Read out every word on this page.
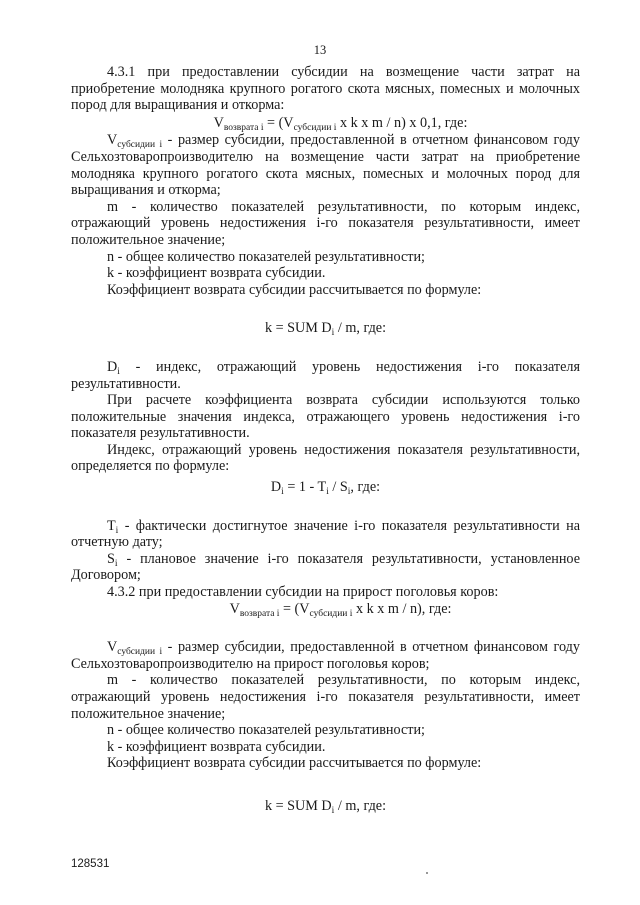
13

4.3.1 при предоставлении субсидии на возмещение части затрат на приобретение молодняка крупного рогатого скота мясных, помесных и молочных пород для выращивания и откорма:

$V_{возврата i} = (V_{субсидии i}$ x k x m / n) x 0,1, где:

$V_{субсидии i}$ - размер субсидии, предоставленной в отчетном финансовом году Сельхозтоваропроизводителю на возмещение части затрат на приобретение молодняка крупного рогатого скота мясных, помесных и молочных пород для выращивания и откорма;

m - количество показателей результативности, по которым индекс, отражающий уровень недостижения i-го показателя результативности, имеет положительное значение;

n - общее количество показателей результативности;

k - коэффициент возврата субсидии.

Коэффициент возврата субсидии рассчитывается по формуле:

k = SUM $D_i$ / m, где:

$D_i$ - индекс, отражающий уровень недостижения i-го показателя результативности.

При расчете коэффициента возврата субсидии используются только положительные значения индекса, отражающего уровень недостижения i-го показателя результативности.

Индекс, отражающий уровень недостижения показателя результативности, определяется по формуле:

$D_i = 1 - T_i / S_i$, где:

$T_i$ - фактически достигнутое значение i-го показателя результативности на отчетную дату;

$S_i$ - плановое значение i-го показателя результативности, установленное Договором;

4.3.2 при предоставлении субсидии на прирост поголовья коров:

$V_{возврата i} = (V_{субсидии i}$ x k x m / n), где:

$V_{субсидии i}$ - размер субсидии, предоставленной в отчетном финансовом году Сельхозтоваропроизводителю на прирост поголовья коров;

m - количество показателей результативности, по которым индекс, отражающий уровень недостижения i-го показателя результативности, имеет положительное значение;

n - общее количество показателей результативности;

k - коэффициент возврата субсидии.

Коэффициент возврата субсидии рассчитывается по формуле:

k = SUM $D_i$ / m, где:
128531
